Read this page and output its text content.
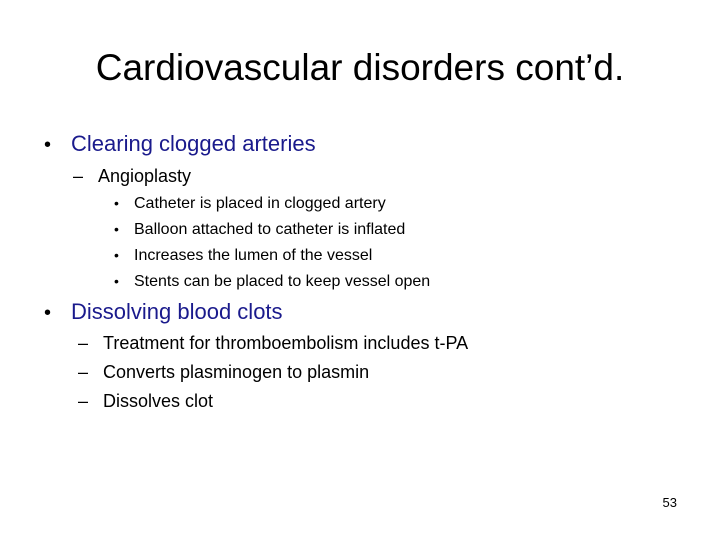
Cardiovascular disorders cont’d.
• Clearing clogged arteries
– Angioplasty
• Catheter is placed in clogged artery
• Balloon attached to catheter is inflated
• Increases the lumen of the vessel
• Stents can be placed to keep vessel open
• Dissolving blood clots
– Treatment for thromboembolism includes t-PA
– Converts plasminogen to plasmin
– Dissolves clot
53
